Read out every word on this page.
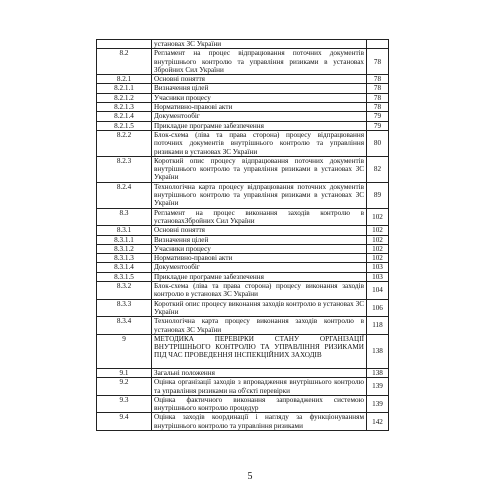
	установах ЗС України	
8.2	Регламент на процес відпрацювання поточних документів внутрішнього контролю та управління ризиками в установах Збройних Сил України	78
8.2.1	Основні поняття	78
8.2.1.1	Визначення цілей	78
8.2.1.2	Учасники процесу	78
8.2.1.3	Нормативно-правові акти	78
8.2.1.4	Документообіг	79
8.2.1.5	Прикладне програмне забезпечення	79
8.2.2	Блок-схема (ліва та права сторона) процесу відпрацювання поточних документів внутрішнього контролю та управління ризиками в установах ЗС України	80
8.2.3	Короткий опис процесу відпрацювання поточних документів внутрішнього контролю та управління ризиками в установах ЗС України	82
8.2.4	Технологічна карта процесу відпрацювання поточних документів внутрішнього контролю та управління ризиками в установах ЗС України	89
8.3	Регламент на процес виконання заходів контролю в установахЗбройних Сил України	102
8.3.1	Основні поняття	102
8.3.1.1	Визначення цілей	102
8.3.1.2	Учасники процесу	102
8.3.1.3	Нормативно-правові акти	102
8.3.1.4	Документообіг	103
8.3.1.5	Прикладне програмне забезпечення	103
8.3.2	Блок-схема (ліва та права сторона) процесу виконання заходів контролю в установах ЗС України	104
8.3.3	Короткий опис процесу виконання заходів контролю в установах ЗС України	106
8.3.4	Технологічна карта процесу виконання заходів контролю в установах ЗС України	118
9	МЕТОДИКА ПЕРЕВІРКИ СТАНУ ОРГАНІЗАЦІЇ ВНУТРІШНЬОГО КОНТРОЛЮ ТА УПРАВЛІННЯ РИЗИКАМИ ПІД ЧАС ПРОВЕДЕННЯ ІНСПЕКЦІЙНИХ ЗАХОДІВ	138
9.1	Загальні положення	138
9.2	Оцінка організації заходів з впровадження внутрішнього контролю та управління ризиками на об'єкті перевірки	139
9.3	Оцінка фактичного виконання запроваджених системою внутрішнього контролю процедур	139
9.4	Оцінка заходів координації і нагляду за функціонуванням внутрішнього контролю та управління ризиками	142
5
